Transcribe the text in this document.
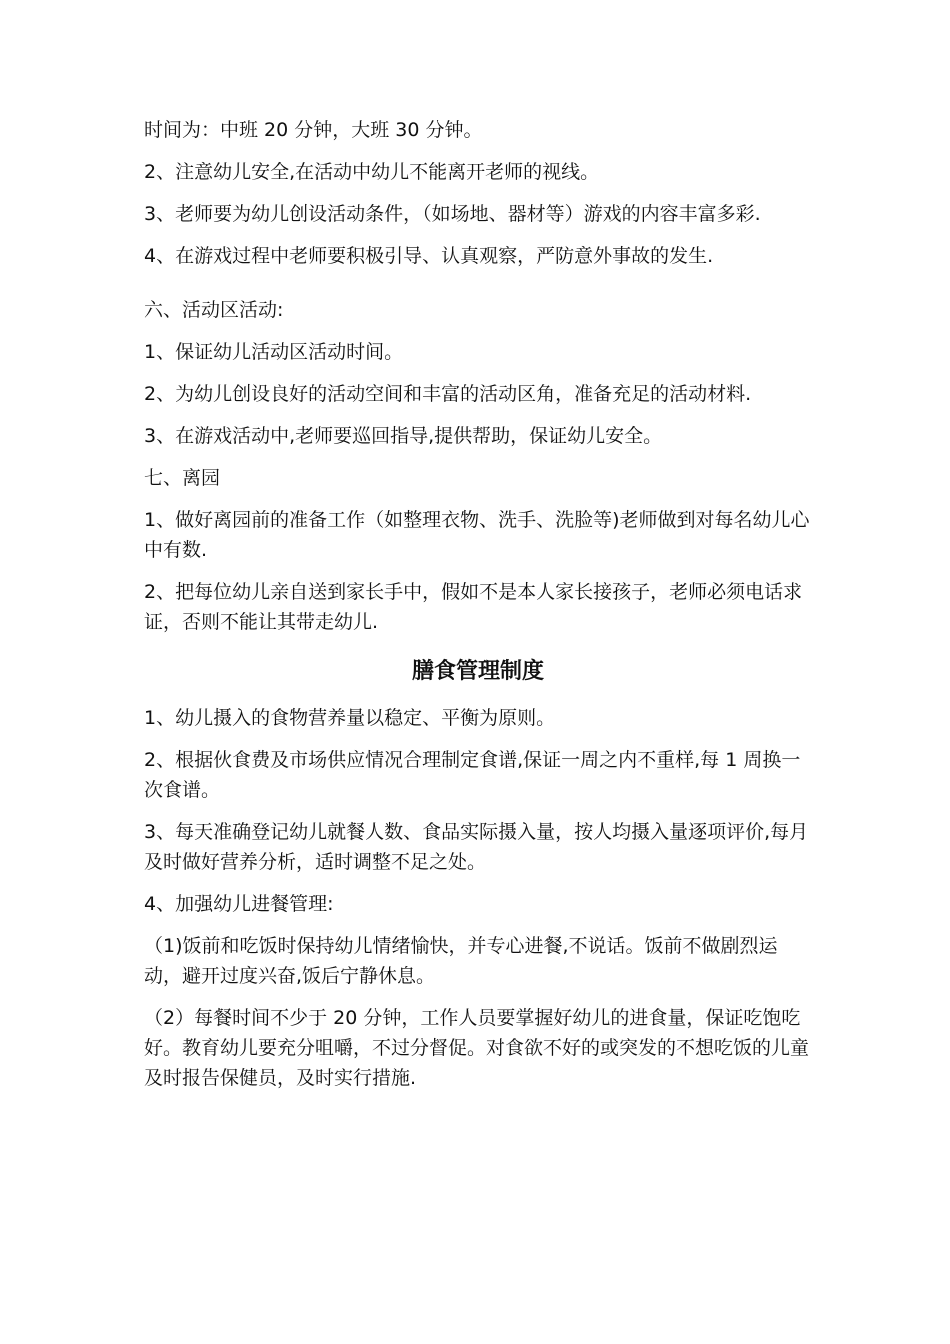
时间为：中班 20 分钟，大班 30 分钟。

2、注意幼儿安全,在活动中幼儿不能离开老师的视线。

3、老师要为幼儿创设活动条件，（如场地、器材等）游戏的内容丰富多彩.

4、在游戏过程中老师要积极引导、认真观察，严防意外事故的发生.

六、活动区活动:

1、保证幼儿活动区活动时间。

2、为幼儿创设良好的活动空间和丰富的活动区角，准备充足的活动材料.

3、在游戏活动中,老师要巡回指导,提供帮助，保证幼儿安全。

七、离园

1、做好离园前的准备工作（如整理衣物、洗手、洗脸等)老师做到对每名幼儿心中有数.

2、把每位幼儿亲自送到家长手中，假如不是本人家长接孩子，老师必须电话求证，否则不能让其带走幼儿.

膳食管理制度

1、幼儿摄入的食物营养量以稳定、平衡为原则。

2、根据伙食费及市场供应情况合理制定食谱,保证一周之内不重样,每 1 周换一次食谱。

3、每天准确登记幼儿就餐人数、食品实际摄入量，按人均摄入量逐项评价,每月及时做好营养分析，适时调整不足之处。

4、加强幼儿进餐管理:

（1)饭前和吃饭时保持幼儿情绪愉快，并专心进餐,不说话。饭前不做剧烈运动，避开过度兴奋,饭后宁静休息。

（2）每餐时间不少于 20 分钟，工作人员要掌握好幼儿的进食量，保证吃饱吃好。教育幼儿要充分咀嚼，不过分督促。对食欲不好的或突发的不想吃饭的儿童及时报告保健员，及时实行措施.
